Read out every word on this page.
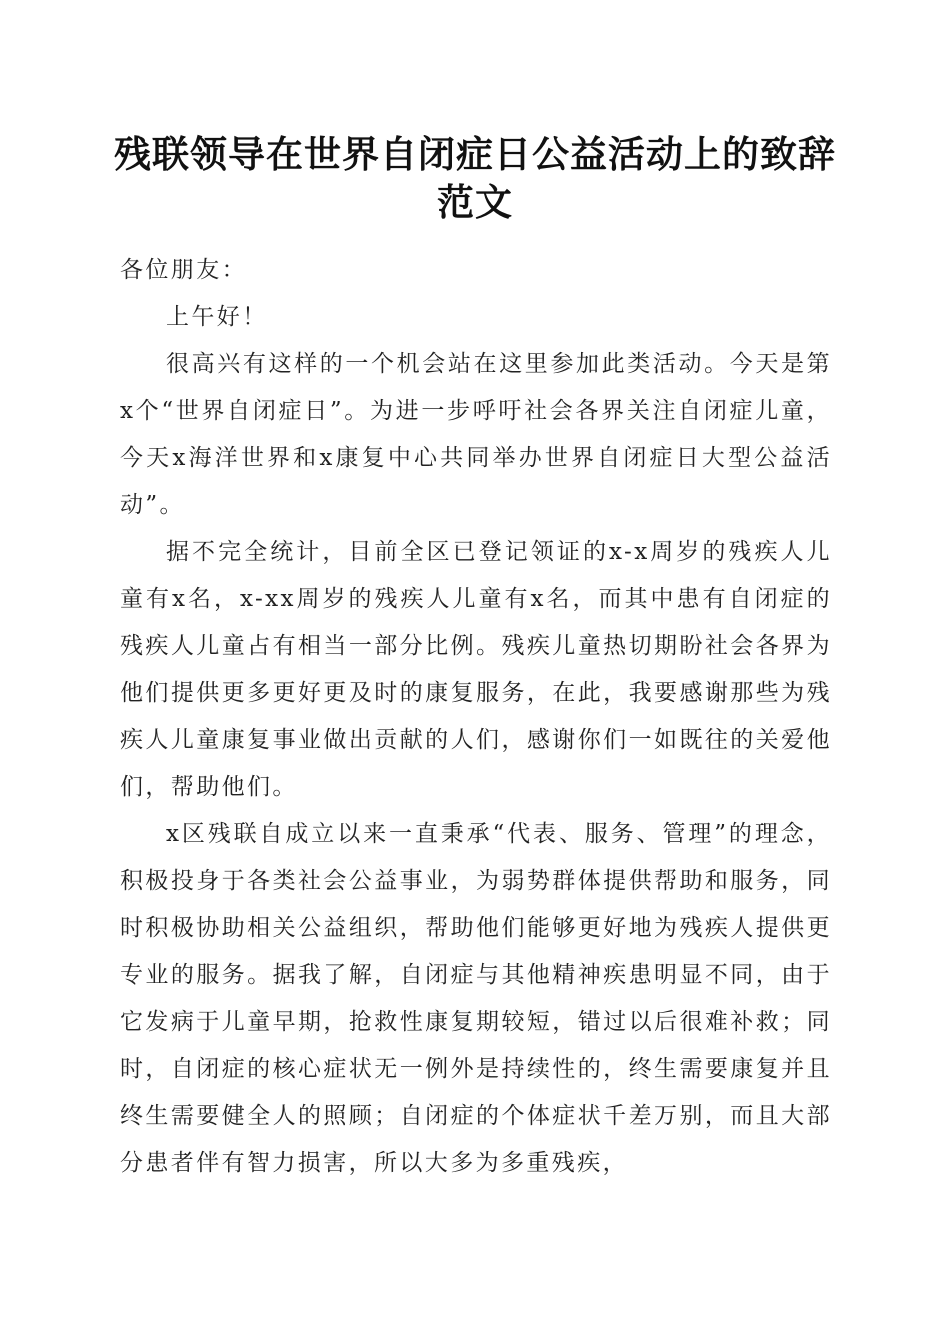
残联领导在世界自闭症日公益活动上的致辞范文

各位朋友：

上午好！

很高兴有这样的一个机会站在这里参加此类活动。今天是第x个“世界自闭症日”。为进一步呼吁社会各界关注自闭症儿童，今天x海洋世界和x康复中心共同举办世界自闭症日大型公益活动”。

据不完全统计，目前全区已登记领证的x-x周岁的残疾人儿童有x名，x-xx周岁的残疾人儿童有x名，而其中患有自闭症的残疾人儿童占有相当一部分比例。残疾儿童热切期盼社会各界为他们提供更多更好更及时的康复服务，在此，我要感谢那些为残疾人儿童康复事业做出贡献的人们，感谢你们一如既往的关爱他们，帮助他们。

x区残联自成立以来一直秉承“代表、服务、管理”的理念，积极投身于各类社会公益事业，为弱势群体提供帮助和服务，同时积极协助相关公益组织，帮助他们能够更好地为残疾人提供更专业的服务。据我了解，自闭症与其他精神疾患明显不同，由于它发病于儿童早期，抢救性康复期较短，错过以后很难补救；同时，自闭症的核心症状无一例外是持续性的，终生需要康复并且终生需要健全人的照顾；自闭症的个体症状千差万别，而且大部分患者伴有智力损害，所以大多为多重残疾，
